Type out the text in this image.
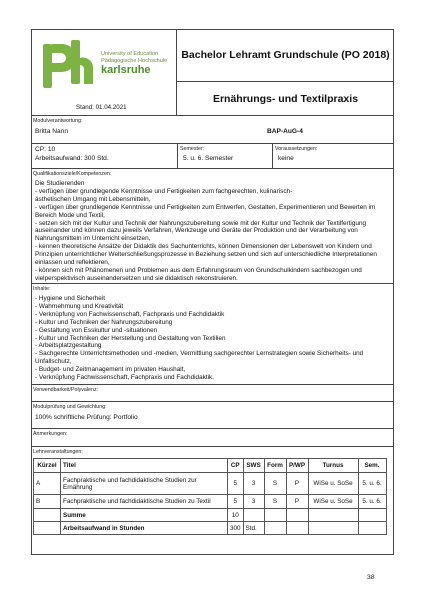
University of Education
Pädagogische Hochschule
karlsruhe
Stand: 01.04.2021
Bachelor Lehramt Grundschule (PO 2018)
Ernährungs- und Textilpraxis
Modulverantwortung:
Britta Nann	BAP-AuG-4
CP: 10
Arbeitsaufwand: 300 Std.
Semester:
5. u. 6. Semester
Voraussetzungen:
keine
Qualifikationsziele/Kompetenzen:
Die Studierenden
- verfügen über grundlegende Kenntnisse und Fertigkeiten zum fachgerechten, kulinarisch-
ästhetischen Umgang mit Lebensmitteln,
- verfügen über grundlegende Kenntnisse und Fertigkeiten zum Entwerfen, Gestalten, Experimentieren und Bewerten im
Bereich Mode und Textil,
- setzen sich mit der Kultur und Technik der Nahrungszubereitung sowie mit der Kultur und Technik der Textilfertigung
auseinander und können dazu jeweils Verfahren, Werkzeuge und Geräte der Produktion und der Verarbeitung von
Nahrungsmitteln im Unterricht einsetzen,
- kennen theoretische Ansätze der Didaktik des Sachunterrichts, können Dimensionen der Lebenswelt von Kindern und
Prinzipien unterrichtlicher Welterschließungsprozesse in Beziehung setzen und sich auf unterschiedliche Interpretationen
einlassen und reflektieren,
- können sich mit Phänomenen und Problemen aus dem Erfahrungsraum von Grundschulkindern sachbezogen und
vielperspektivisch auseinandersetzen und sie didaktisch rekonstruieren.
Inhalte:
- Hygiene und Sicherheit
- Wahrnehmung und Kreativität
- Verknüpfung von Fachwissenschaft, Fachpraxis und Fachdidaktik
- Kultur und Techniken der Nahrungszubereitung
- Gestaltung von Esskultur und -situationen
- Kultur und Techniken der Herstellung und Gestaltung von Textilien
- Arbeitsplatzgestaltung
- Sachgerechte Unterrichtsmethoden und -medien, Vermittlung sachgerechter Lernstrategien sowie Sicherheits- und
Unfallschutz,
- Budget- und Zeitmanagement im privaten Haushalt,
- Verknüpfung Fachwissenschaft, Fachpraxis und Fachdidaktik.
Verwendbarkeit/Polyvalenz:
Modulprüfung und Gewichtung:
100% schriftliche Prüfung: Portfolio
Anmerkungen:
Lehrveranstaltungen:
Kürzel	Titel	CP	SWS	Form	P/WP	Turnus	Sem.
A	Fachpraktische und fachdidaktische Studien zur
Ernährung	5	3	S	P	WiSe u. SoSe	5. u. 6.
B	Fachpraktische und fachdidaktische Studien zu Textil	5	3	S	P	WiSe u. SoSe	5. u. 6.
	Summe	10					
	Arbeitsaufwand in Stunden	300	Std.				
38
